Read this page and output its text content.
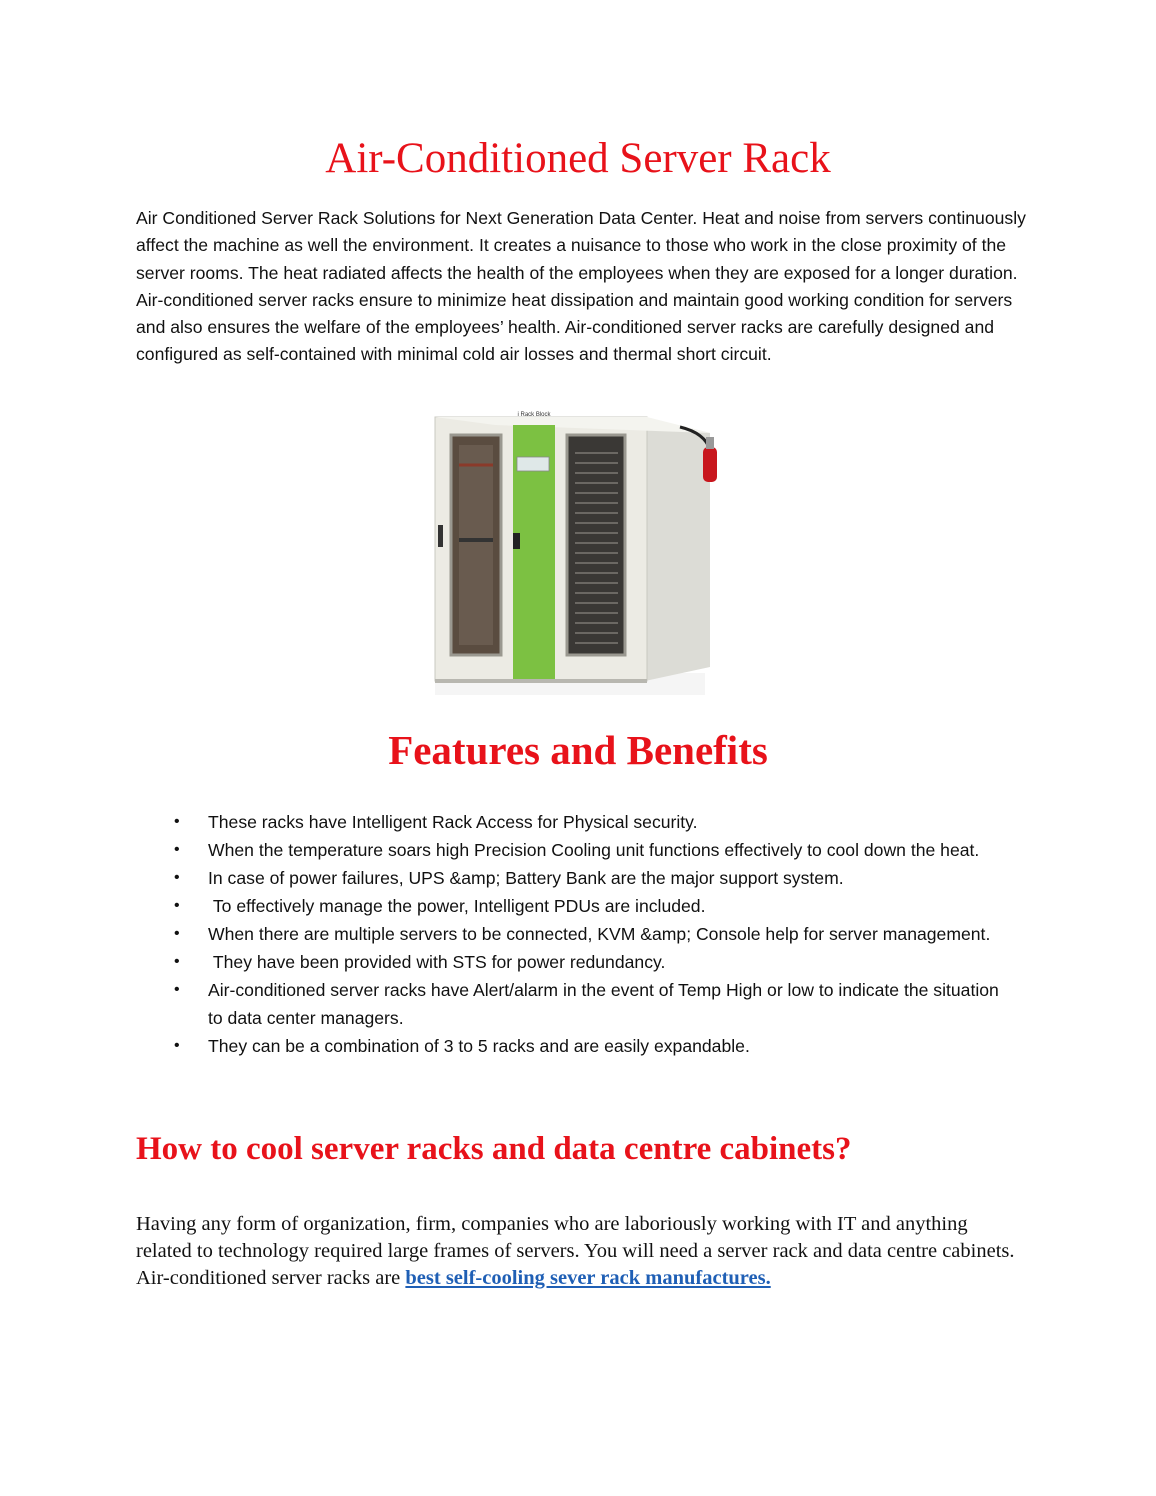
Air-Conditioned Server Rack

Air Conditioned Server Rack Solutions for Next Generation Data Center. Heat and noise from servers continuously affect the machine as well the environment. It creates a nuisance to those who work in the close proximity of the server rooms. The heat radiated affects the health of the employees when they are exposed for a longer duration. Air-conditioned server racks ensure to minimize heat dissipation and maintain good working condition for servers and also ensures the welfare of the employees’ health. Air-conditioned server racks are carefully designed and configured as self-contained with minimal cold air losses and thermal short circuit.

i Rack Block
Features and Benefits
• These racks have Intelligent Rack Access for Physical security.
• When the temperature soars high Precision Cooling unit functions effectively to cool down the heat.
• In case of power failures, UPS &amp; Battery Bank are the major support system.
• To effectively manage the power, Intelligent PDUs are included.
• When there are multiple servers to be connected, KVM &amp; Console help for server management.
• They have been provided with STS for power redundancy.
• Air-conditioned server racks have Alert/alarm in the event of Temp High or low to indicate the situation to data center managers.
• They can be a combination of 3 to 5 racks and are easily expandable.
How to cool server racks and data centre cabinets?

Having any form of organization, firm, companies who are laboriously working with IT and anything related to technology required large frames of servers. You will need a server rack and data centre cabinets. Air-conditioned server racks are best self-cooling sever rack manufactures.
